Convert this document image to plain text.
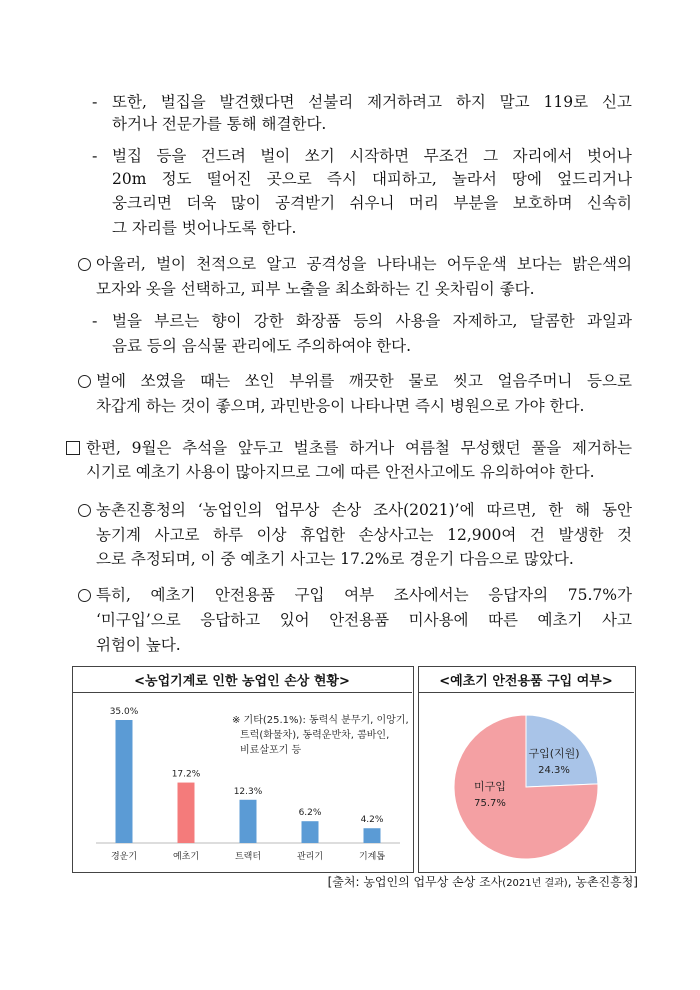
- 또한, 벌집을 발견했다면 섣불리 제거하려고 하지 말고 119로 신고
하거나 전문가를 통해 해결한다.
- 벌집 등을 건드려 벌이 쏘기 시작하면 무조건 그 자리에서 벗어나
20m 정도 떨어진 곳으로 즉시 대피하고, 놀라서 땅에 엎드리거나
웅크리면 더욱 많이 공격받기 쉬우니 머리 부분을 보호하며 신속히
그 자리를 벗어나도록 한다.
아울러, 벌이 천적으로 알고 공격성을 나타내는 어두운색 보다는 밝은색의
모자와 옷을 선택하고, 피부 노출을 최소화하는 긴 옷차림이 좋다.
- 벌을 부르는 향이 강한 화장품 등의 사용을 자제하고, 달콤한 과일과
음료 등의 음식물 관리에도 주의하여야 한다.
벌에 쏘였을 때는 쏘인 부위를 깨끗한 물로 씻고 얼음주머니 등으로
차갑게 하는 것이 좋으며, 과민반응이 나타나면 즉시 병원으로 가야 한다.
한편, 9월은 추석을 앞두고 벌초를 하거나 여름철 무성했던 풀을 제거하는
시기로 예초기 사용이 많아지므로 그에 따른 안전사고에도 유의하여야 한다.
농촌진흥청의 ‘농업인의 업무상 손상 조사(2021)’에 따르면, 한 해 동안
농기계 사고로 하루 이상 휴업한 손상사고는 12,900여 건 발생한 것
으로 추정되며, 이 중 예초기 사고는 17.2%로 경운기 다음으로 많았다.
특히, 예초기 안전용품 구입 여부 조사에서는 응답자의 75.7%가
‘미구입’으로 응답하고 있어 안전용품 미사용에 따른 예초기 사고
위험이 높다.
<농업기계로 인한 농업인 손상 현황>	<예초기 안전용품 구입 여부>
35.0%
경운기
17.2%
예초기
12.3%
트랙터
6.2%
관리기
4.2%
기계톱
구입(지원)
24.3%
미구입
75.7%
※ 기타(25.1%): 동력식 분무기, 이앙기,
트럭(화물차), 동력운반차, 콤바인,
비료살포기 등
[출처: 농업인의 업무상 손상 조사(2021년 결과), 농촌진흥청]
